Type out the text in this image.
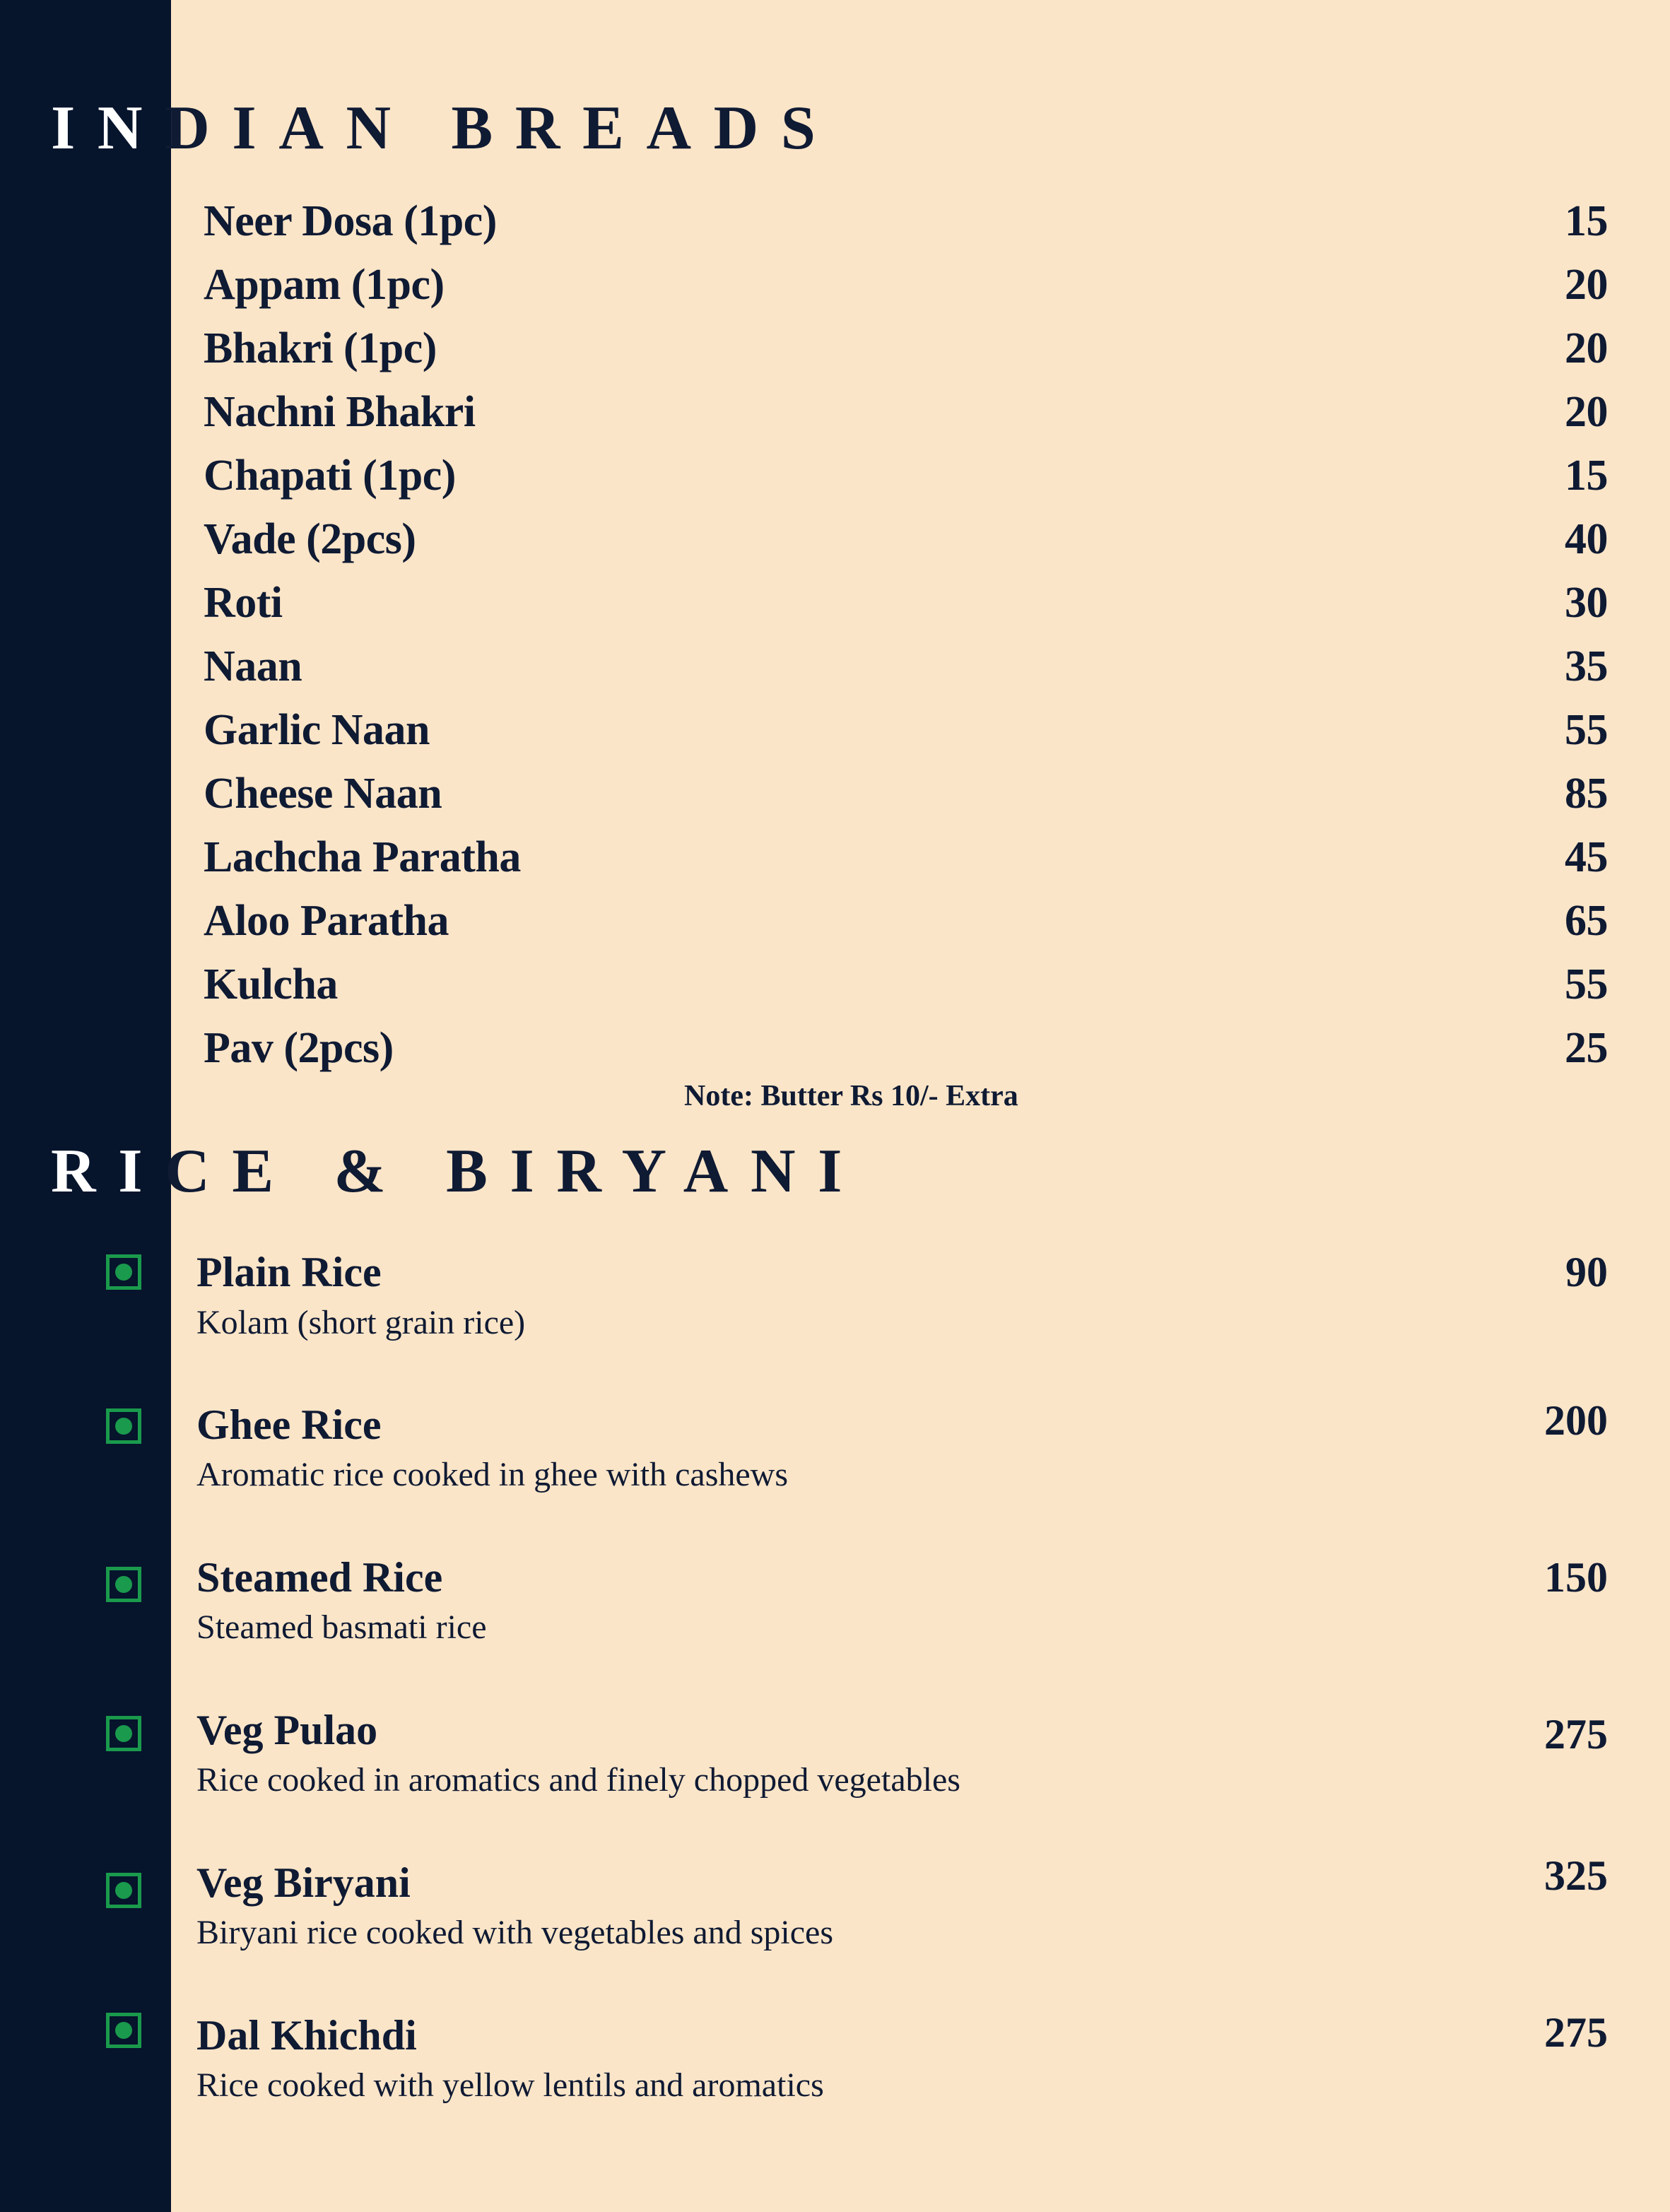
INDIAN BREADS
Neer Dosa (1pc)	15
Appam (1pc)	20
Bhakri (1pc)	20
Nachni Bhakri	20
Chapati (1pc)	15
Vade (2pcs)	40
Roti	30
Naan	35
Garlic Naan	55
Cheese Naan	85
Lachcha Paratha	45
Aloo Paratha	65
Kulcha	55
Pav (2pcs)	25
Note: Butter Rs 10/- Extra
RICE & BIRYANI
Plain Rice	90
Kolam (short grain rice)
Ghee Rice	200
Aromatic rice cooked in ghee with cashews
Steamed Rice	150
Steamed basmati rice
Veg Pulao	275
Rice cooked in aromatics and finely chopped vegetables
Veg Biryani	325
Biryani rice cooked with vegetables and spices
Dal Khichdi	275
Rice cooked with yellow lentils and aromatics
